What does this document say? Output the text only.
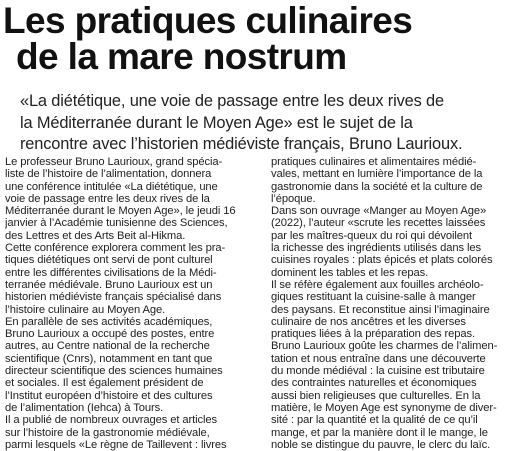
Les pratiques culinaires
de la mare nostrum
«La diététique, une voie de passage entre les deux rives de
la Méditerranée durant le Moyen Age» est le sujet de la
rencontre avec l’historien médiéviste français, Bruno Laurioux.
Le professeur Bruno Laurioux, grand spécia-
liste de l’histoire de l’alimentation, donnera
une conférence intitulée «La diététique, une
voie de passage entre les deux rives de la
Méditerranée durant le Moyen Age», le jeudi 16
janvier à l’Académie tunisienne des Sciences,
des Lettres et des Arts Beit al-Hikma.
Cette conférence explorera comment les pra-
tiques diététiques ont servi de pont culturel
entre les différentes civilisations de la Médi-
terranée médiévale. Bruno Laurioux est un
historien médiéviste français spécialisé dans
l’histoire culinaire au Moyen Age.
En parallèle de ses activités académiques,
Bruno Laurioux a occupé des postes, entre
autres, au Centre national de la recherche
scientifique (Cnrs), notamment en tant que
directeur scientifique des sciences humaines
et sociales. Il est également président de
l’Institut européen d’histoire et des cultures
de l’alimentation (Iehca) à Tours.
Il a publié de nombreux ouvrages et articles
sur l’histoire de la gastronomie médiévale,
parmi lesquels «Le règne de Taillevent : livres
pratiques culinaires et alimentaires médié-
vales, mettant en lumière l’importance de la
gastronomie dans la société et la culture de
l’époque.
Dans son ouvrage «Manger au Moyen Age»
(2022), l’auteur «scrute les recettes laissées
par les maîtres-queux du roi qui dévoilent
la richesse des ingrédients utilisés dans les
cuisines royales : plats épicés et plats colorés
dominent les tables et les repas.
Il se réfère également aux fouilles archéolo-
giques restituant la cuisine-salle à manger
des paysans. Et reconstitue ainsi l’imaginaire
culinaire de nos ancêtres et les diverses
pratiques liées à la préparation des repas.
Bruno Laurioux goûte les charmes de l’alimen-
tation et nous entraîne dans une découverte
du monde médiéval : la cuisine est tributaire
des contraintes naturelles et économiques
aussi bien religieuses que culturelles. En la
matière, le Moyen Age est synonyme de diver-
sité : par la quantité et la qualité de ce qu’il
mange, et par la manière dont il le mange, le
noble se distingue du pauvre, le clerc du laïc.
